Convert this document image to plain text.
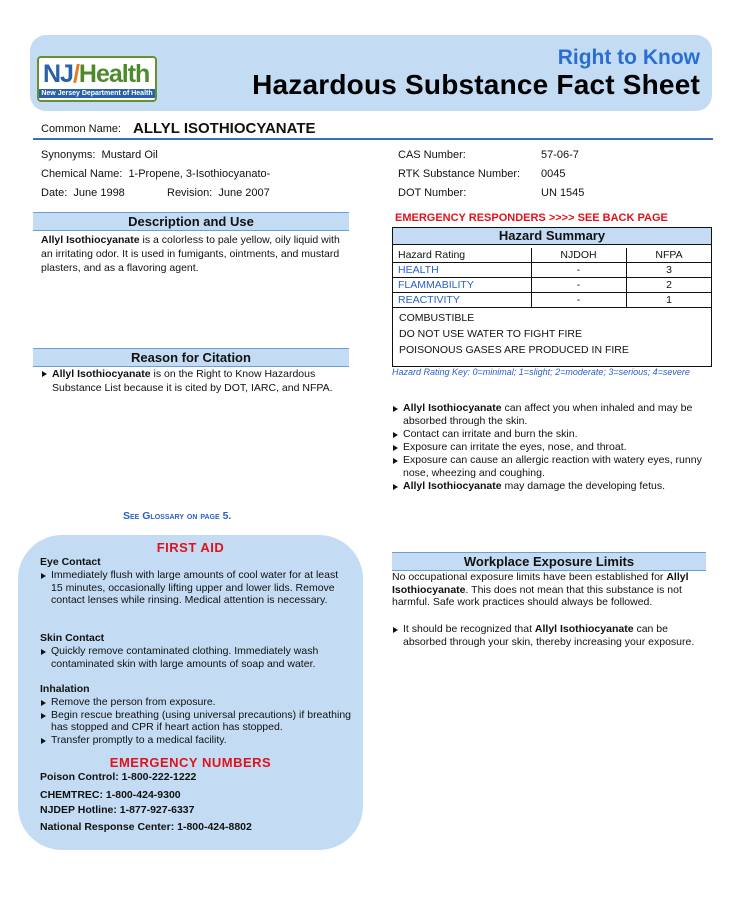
NJ/Health
New Jersey Department of Health
Right to Know
Hazardous Substance Fact Sheet
Common Name: ALLYL ISOTHIOCYANATE
Synonyms: Mustard Oil
Chemical Name: 1-Propene, 3-Isothiocyanato-
Date: June 1998	Revision: June 2007
CAS Number:	57-06-7
RTK Substance Number: 0045
DOT Number:	UN 1545
Description and Use
Allyl Isothiocyanate is a colorless to pale yellow, oily liquid with an irritating odor. It is used in fumigants, ointments, and mustard plasters, and as a flavoring agent.
Reason for Citation
Allyl Isothiocyanate is on the Right to Know Hazardous Substance List because it is cited by DOT, IARC, and NFPA.
See Glossary on page 5.
EMERGENCY RESPONDERS >>>> SEE BACK PAGE
Hazard Summary
Hazard Rating	NJDOH	NFPA
HEALTH	-	3
FLAMMABILITY	-	2
REACTIVITY	-	1
COMBUSTIBLE
DO NOT USE WATER TO FIGHT FIRE
POISONOUS GASES ARE PRODUCED IN FIRE
Hazard Rating Key: 0=minimal; 1=slight; 2=moderate; 3=serious; 4=severe
Allyl Isothiocyanate can affect you when inhaled and may be absorbed through the skin.
Contact can irritate and burn the skin.
Exposure can irritate the eyes, nose, and throat.
Exposure can cause an allergic reaction with watery eyes, runny nose, wheezing and coughing.
Allyl Isothiocyanate may damage the developing fetus.
Workplace Exposure Limits
No occupational exposure limits have been established for Allyl Isothiocyanate. This does not mean that this substance is not harmful. Safe work practices should always be followed.
It should be recognized that Allyl Isothiocyanate can be absorbed through your skin, thereby increasing your exposure.
FIRST AID
Eye Contact
Immediately flush with large amounts of cool water for at least 15 minutes, occasionally lifting upper and lower lids. Remove contact lenses while rinsing. Medical attention is necessary.
Skin Contact
Quickly remove contaminated clothing. Immediately wash contaminated skin with large amounts of soap and water.
Inhalation
Remove the person from exposure.
Begin rescue breathing (using universal precautions) if breathing has stopped and CPR if heart action has stopped.
Transfer promptly to a medical facility.
EMERGENCY NUMBERS
Poison Control: 1-800-222-1222
CHEMTREC: 1-800-424-9300
NJDEP Hotline: 1-877-927-6337
National Response Center: 1-800-424-8802
